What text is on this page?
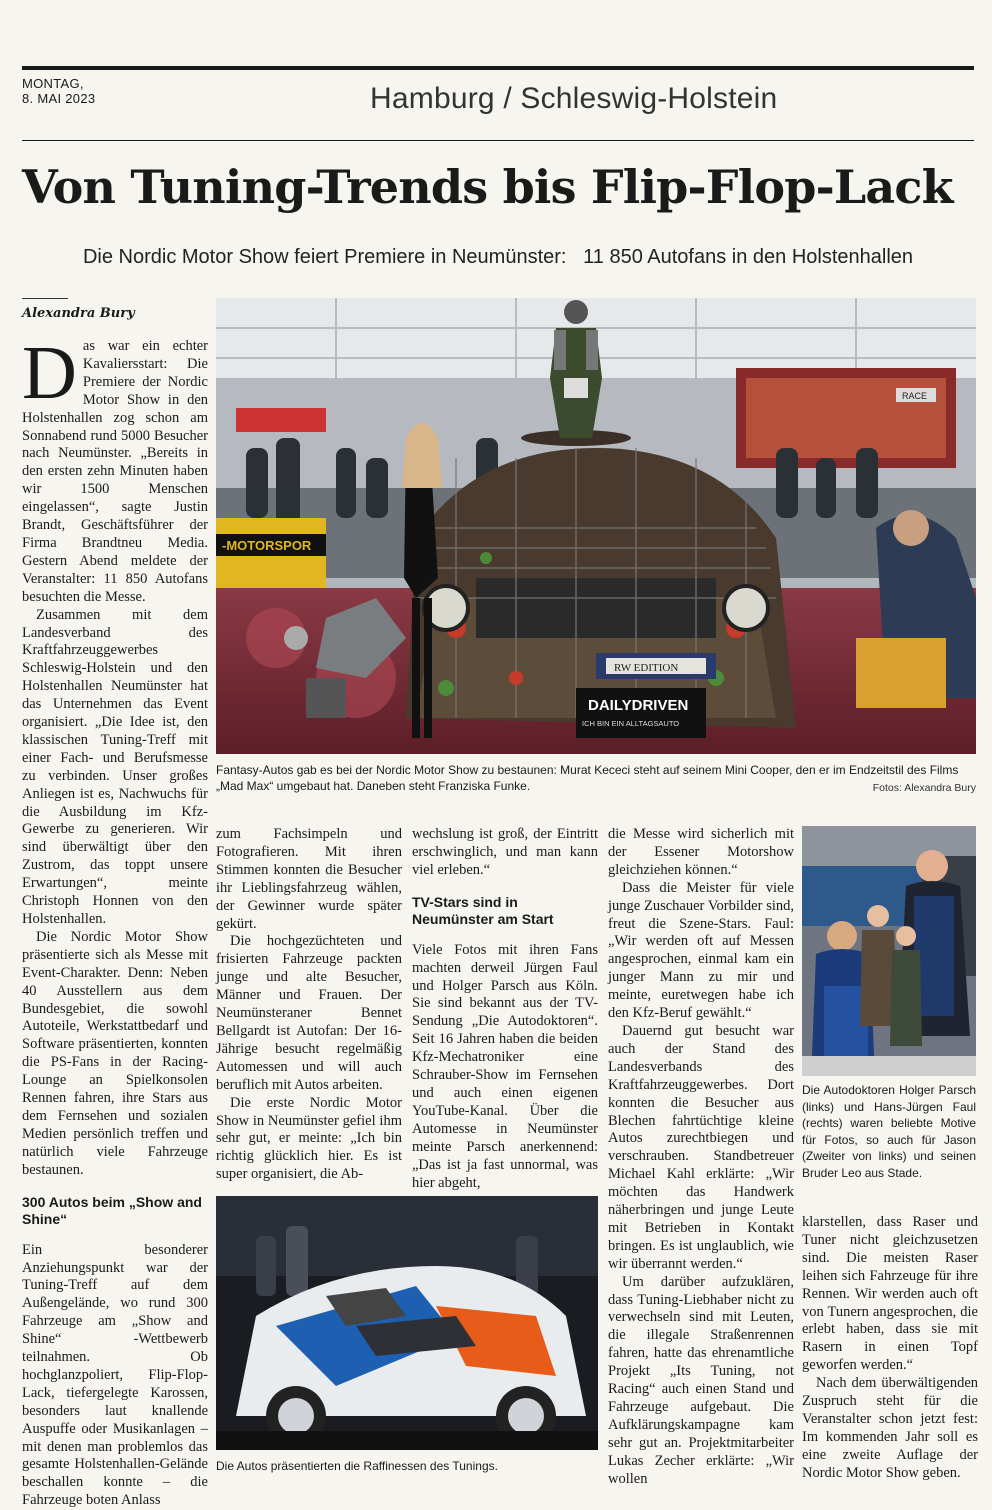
MONTAG,
8. MAI 2023	Hamburg / Schleswig-Holstein
Von Tuning-Trends bis Flip-Flop-Lack
Die Nordic Motor Show feiert Premiere in Neumünster:   11 850 Autofans in den Holstenhallen
Alexandra Bury

Das war ein echter Kavaliersstart: Die Premiere der Nordic Motor Show in den Holstenhallen zog schon am Sonnabend rund 5000 Besucher nach Neumünster. „Bereits in den ersten zehn Minuten haben wir 1500 Menschen eingelassen“, sagte Justin Brandt, Geschäftsführer der Firma Brandtneu Media. Gestern Abend meldete der Veranstalter: 11 850 Autofans besuchten die Messe.

Zusammen mit dem Landesverband des Kraftfahrzeuggewerbes Schleswig-Holstein und den Holstenhallen Neumünster hat das Unternehmen das Event organisiert. „Die Idee ist, den klassischen Tuning-Treff mit einer Fach- und Berufsmesse zu verbinden. Unser großes Anliegen ist es, Nachwuchs für die Ausbildung im Kfz-Gewerbe zu generieren. Wir sind überwältigt über den Zustrom, das toppt unsere Erwartungen“, meinte Christoph Honnen von den Holstenhallen.

Die Nordic Motor Show präsentierte sich als Messe mit Event-Charakter. Denn: Neben 40 Ausstellern aus dem Bundesgebiet, die sowohl Autoteile, Werkstattbedarf und Software präsentierten, konnten die PS-Fans in der Racing-Lounge an Spielkonsolen Rennen fahren, ihre Stars aus dem Fernsehen und sozialen Medien persönlich treffen und natürlich viele Fahrzeuge bestaunen.

300 Autos beim „Show and Shine“

Ein besonderer Anziehungspunkt war der Tuning-Treff auf dem Außengelände, wo rund 300 Fahrzeuge am „Show and Shine“ -Wettbewerb teilnahmen. Ob hochglanzpoliert, Flip-Flop-Lack, tiefergelegte Karossen, besonders laut knallende Auspuffe oder Musikanlagen – mit denen man problemlos das gesamte Holstenhallen-Gelände beschallen konnte – die Fahrzeuge boten Anlass

RACE
-MOTORSPOR
RW EDITION
DAILYDRIVEN
ICH BIN EIN ALLTAGSAUTO
Fantasy-Autos gab es bei der Nordic Motor Show zu bestaunen: Murat Kececi steht auf seinem Mini Cooper, den er im Endzeitstil des Films „Mad Max“ umgebaut hat. Daneben steht Franziska Funke.	Fotos: Alexandra Bury

zum Fachsimpeln und Fotografieren. Mit ihren Stimmen konnten die Besucher ihr Lieblingsfahrzeug wählen, der Gewinner wurde später gekürt.

Die hochgezüchteten und frisierten Fahrzeuge packten junge und alte Besucher, Männer und Frauen. Der Neumünsteraner Bennet Bellgardt ist Autofan: Der 16-Jährige besucht regelmäßig Automessen und will auch beruflich mit Autos arbeiten.

Die erste Nordic Motor Show in Neumünster gefiel ihm sehr gut, er meinte: „Ich bin richtig glücklich hier. Es ist super organisiert, die Ab-

wechslung ist groß, der Eintritt erschwinglich, und man kann viel erleben.“

TV-Stars sind in Neumünster am Start

Viele Fotos mit ihren Fans machten derweil Jürgen Faul und Holger Parsch aus Köln. Sie sind bekannt aus der TV-Sendung „Die Autodoktoren“. Seit 16 Jahren haben die beiden Kfz-Mechatroniker eine Schrauber-Show im Fernsehen und auch einen eigenen YouTube-Kanal. Über die Automesse in Neumünster meinte Parsch anerkennend: „Das ist ja fast unnormal, was hier abgeht,

Die Autos präsentierten die Raffinessen des Tunings.

die Messe wird sicherlich mit der Essener Motorshow gleichziehen können.“

Dass die Meister für viele junge Zuschauer Vorbilder sind, freut die Szene-Stars. Faul: „Wir werden oft auf Messen angesprochen, einmal kam ein junger Mann zu mir und meinte, euretwegen habe ich den Kfz-Beruf gewählt.“

Dauernd gut besucht war auch der Stand des Landesverbands des Kraftfahrzeuggewerbes. Dort konnten die Besucher aus Blechen fahrtüchtige kleine Autos zurechtbiegen und verschrauben. Standbetreuer Michael Kahl erklärte: „Wir möchten das Handwerk näherbringen und junge Leute mit Betrieben in Kontakt bringen. Es ist unglaublich, wie wir überrannt werden.“

Um darüber aufzuklären, dass Tuning-Liebhaber nicht zu verwechseln sind mit Leuten, die illegale Straßenrennen fahren, hatte das ehrenamtliche Projekt „Its Tuning, not Racing“ auch einen Stand und Fahrzeuge aufgebaut. Die Aufklärungskampagne kam sehr gut an. Projektmitarbeiter Lukas Zecher erklärte: „Wir wollen

Die Autodoktoren Holger Parsch (links) und Hans-Jürgen Faul (rechts) waren beliebte Motive für Fotos, so auch für Jason (Zweiter von links) und seinen Bruder Leo aus Stade.

klarstellen, dass Raser und Tuner nicht gleichzusetzen sind. Die meisten Raser leihen sich Fahrzeuge für ihre Rennen. Wir werden auch oft von Tunern angesprochen, die erlebt haben, dass sie mit Rasern in einen Topf geworfen werden.“

Nach dem überwältigenden Zuspruch steht für die Veranstalter schon jetzt fest: Im kommenden Jahr soll es eine zweite Auflage der Nordic Motor Show geben.
